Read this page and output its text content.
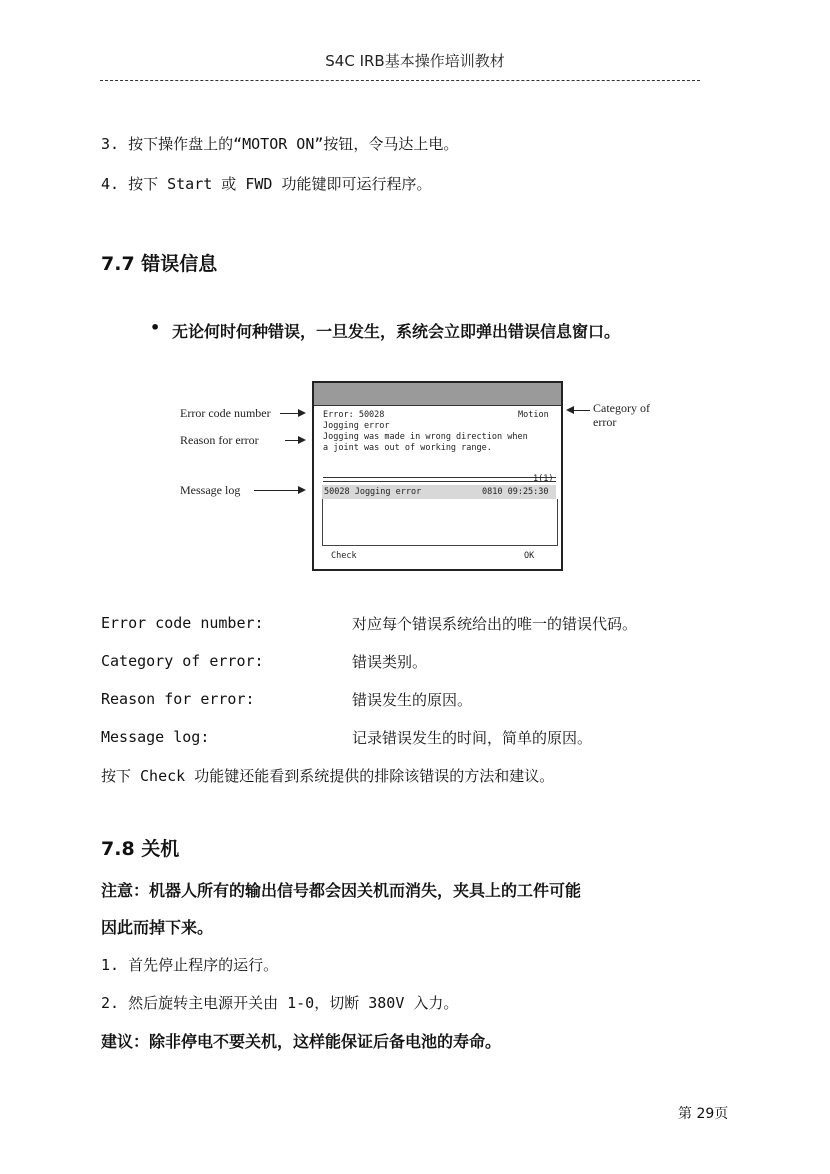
S4C IRB基本操作培训教材
3. 按下操作盘上的“MOTOR ON”按钮，令马达上电。
4. 按下 Start 或 FWD 功能键即可运行程序。
7.7 错误信息
• 无论何时何种错误，一旦发生，系统会立即弹出错误信息窗口。
Error code number
Reason for error
Message log
Category of
error
Error: 50028	Motion
Jogging error
Jogging was made in wrong direction when
a joint was out of working range.
1(1)
50028 Jogging error	0810 09:25:30
Check	OK
Error code number:	对应每个错误系统给出的唯一的错误代码。
Category of error:	错误类别。
Reason for error:	错误发生的原因。
Message log:	记录错误发生的时间，简单的原因。
按下 Check 功能键还能看到系统提供的排除该错误的方法和建议。
7.8 关机
注意：机器人所有的输出信号都会因关机而消失，夹具上的工件可能
因此而掉下来。
1. 首先停止程序的运行。
2. 然后旋转主电源开关由 1-0，切断 380V 入力。
建议：除非停电不要关机，这样能保证后备电池的寿命。
第 29页
